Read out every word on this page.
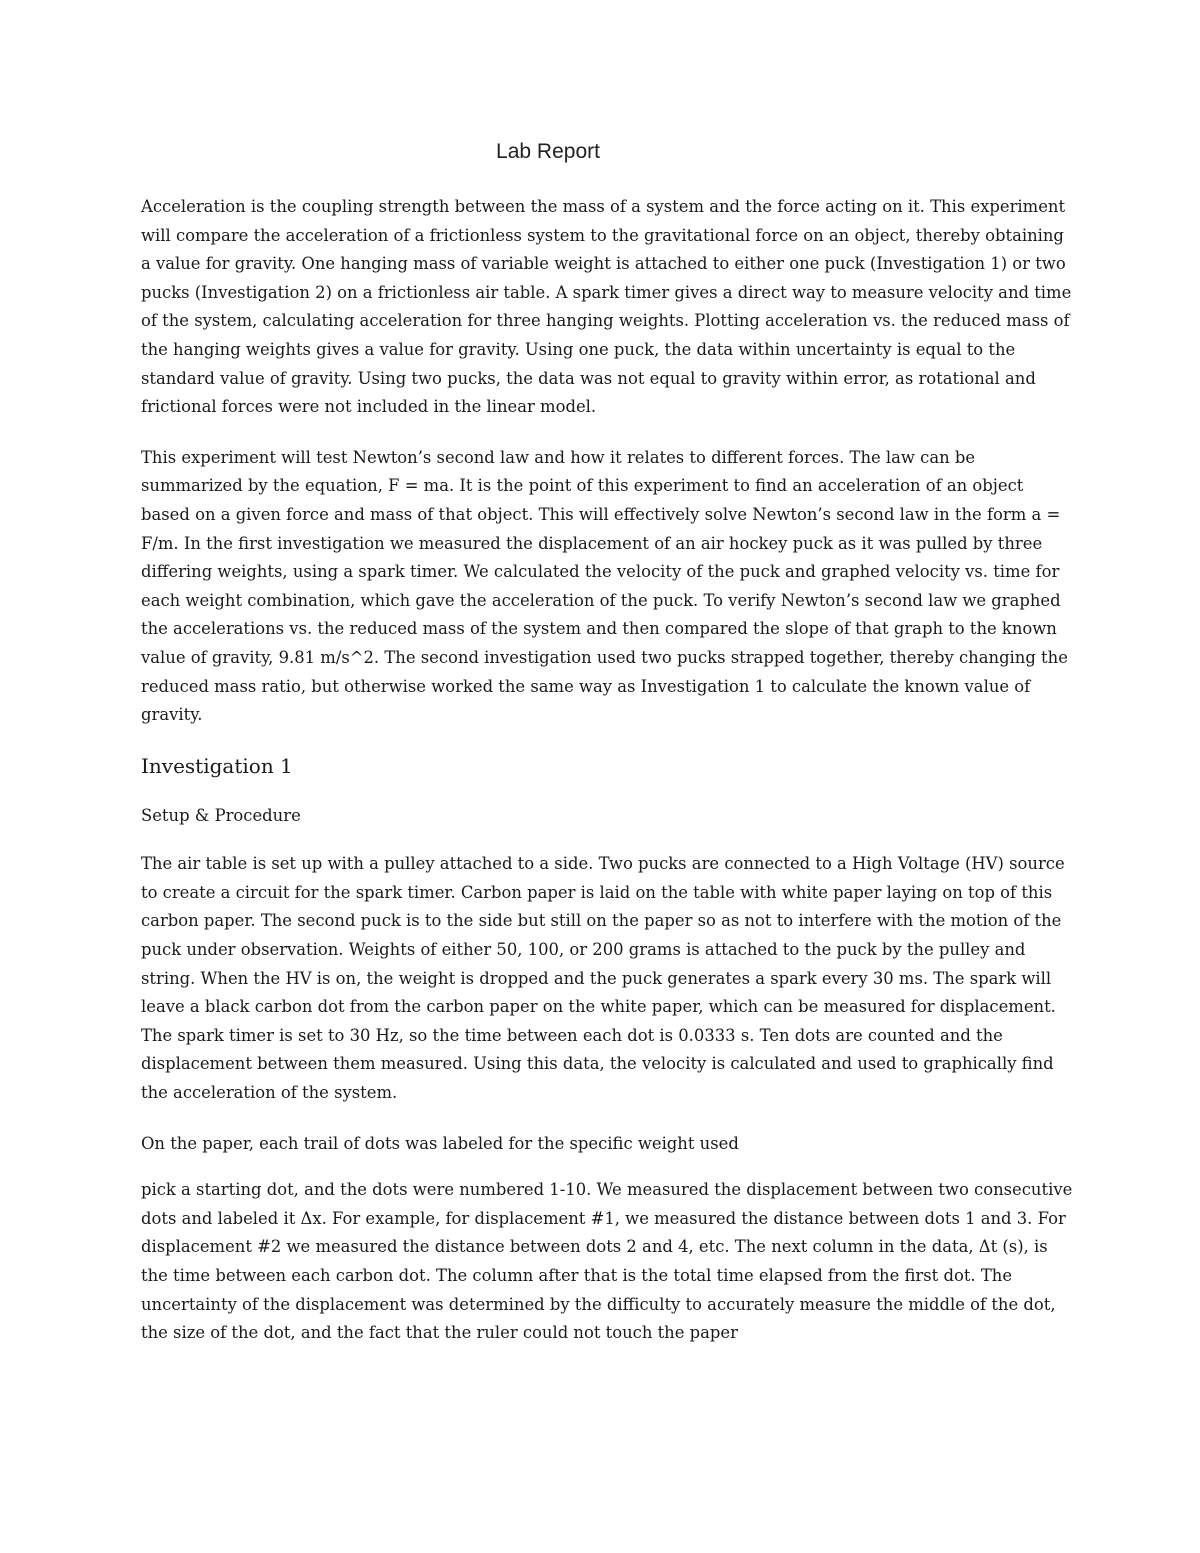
Lab Report

Acceleration is the coupling strength between the mass of a system and the force acting on it. This experiment will compare the acceleration of a frictionless system to the gravitational force on an object, thereby obtaining a value for gravity. One hanging mass of variable weight is attached to either one puck (Investigation 1) or two pucks (Investigation 2) on a frictionless air table. A spark timer gives a direct way to measure velocity and time of the system, calculating acceleration for three hanging weights. Plotting acceleration vs. the reduced mass of the hanging weights gives a value for gravity. Using one puck, the data within uncertainty is equal to the standard value of gravity. Using two pucks, the data was not equal to gravity within error, as rotational and frictional forces were not included in the linear model.

This experiment will test Newton’s second law and how it relates to different forces. The law can be summarized by the equation, F = ma. It is the point of this experiment to find an acceleration of an object based on a given force and mass of that object. This will effectively solve Newton’s second law in the form a = F/m. In the first investigation we measured the displacement of an air hockey puck as it was pulled by three differing weights, using a spark timer. We calculated the velocity of the puck and graphed velocity vs. time for each weight combination, which gave the acceleration of the puck. To verify Newton’s second law we graphed the accelerations vs. the reduced mass of the system and then compared the slope of that graph to the known value of gravity, 9.81 m/s^2. The second investigation used two pucks strapped together, thereby changing the reduced mass ratio, but otherwise worked the same way as Investigation 1 to calculate the known value of gravity.

Investigation 1
Setup & Procedure

The air table is set up with a pulley attached to a side. Two pucks are connected to a High Voltage (HV) source to create a circuit for the spark timer. Carbon paper is laid on the table with white paper laying on top of this carbon paper. The second puck is to the side but still on the paper so as not to interfere with the motion of the puck under observation. Weights of either 50, 100, or 200 grams is attached to the puck by the pulley and string. When the HV is on, the weight is dropped and the puck generates a spark every 30 ms. The spark will leave a black carbon dot from the carbon paper on the white paper, which can be measured for displacement. The spark timer is set to 30 Hz, so the time between each dot is 0.0333 s. Ten dots are counted and the displacement between them measured. Using this data, the velocity is calculated and used to graphically find the acceleration of the system.

On the paper, each trail of dots was labeled for the specific weight used

pick a starting dot, and the dots were numbered 1-10. We measured the displacement between two consecutive dots and labeled it Δx. For example, for displacement #1, we measured the distance between dots 1 and 3. For displacement #2 we measured the distance between dots 2 and 4, etc. The next column in the data, Δt (s), is the time between each carbon dot. The column after that is the total time elapsed from the first dot. The uncertainty of the displacement was determined by the difficulty to accurately measure the middle of the dot, the size of the dot, and the fact that the ruler could not touch the paper
